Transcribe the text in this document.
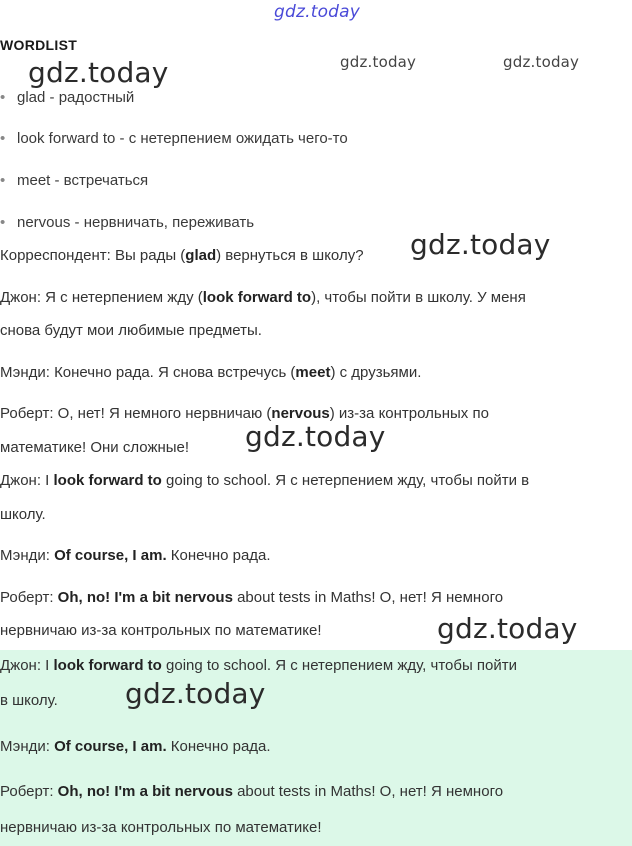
gdz.today
WORDLIST
• glad - радостный
• look forward to - с нетерпением ожидать чего-то
• meet - встречаться
• nervous - нервничать, переживать
Корреспондент: Вы рады (glad) вернуться в школу?
Джон: Я с нетерпением жду (look forward to), чтобы пойти в школу. У меня
снова будут мои любимые предметы.
Мэнди: Конечно рада. Я снова встречусь (meet) с друзьями.
Роберт: О, нет! Я немного нервничаю (nervous) из-за контрольных по
математике! Они сложные!
Джон: I look forward to going to school. Я с нетерпением жду, чтобы пойти в
школу.
Мэнди: Of course, I am. Конечно рада.
Роберт: Oh, no! I'm a bit nervous about tests in Maths! О, нет! Я немного
нервничаю из-за контрольных по математике!
Джон: I look forward to going to school. Я с нетерпением жду, чтобы пойти
в школу.
Мэнди: Of course, I am. Конечно рада.
Роберт: Oh, no! I'm a bit nervous about tests in Maths! О, нет! Я немного
нервничаю из-за контрольных по математике!
gdz.today	gdz.today	gdz.today
gdz.today
gdz.today
gdz.today
gdz.today
